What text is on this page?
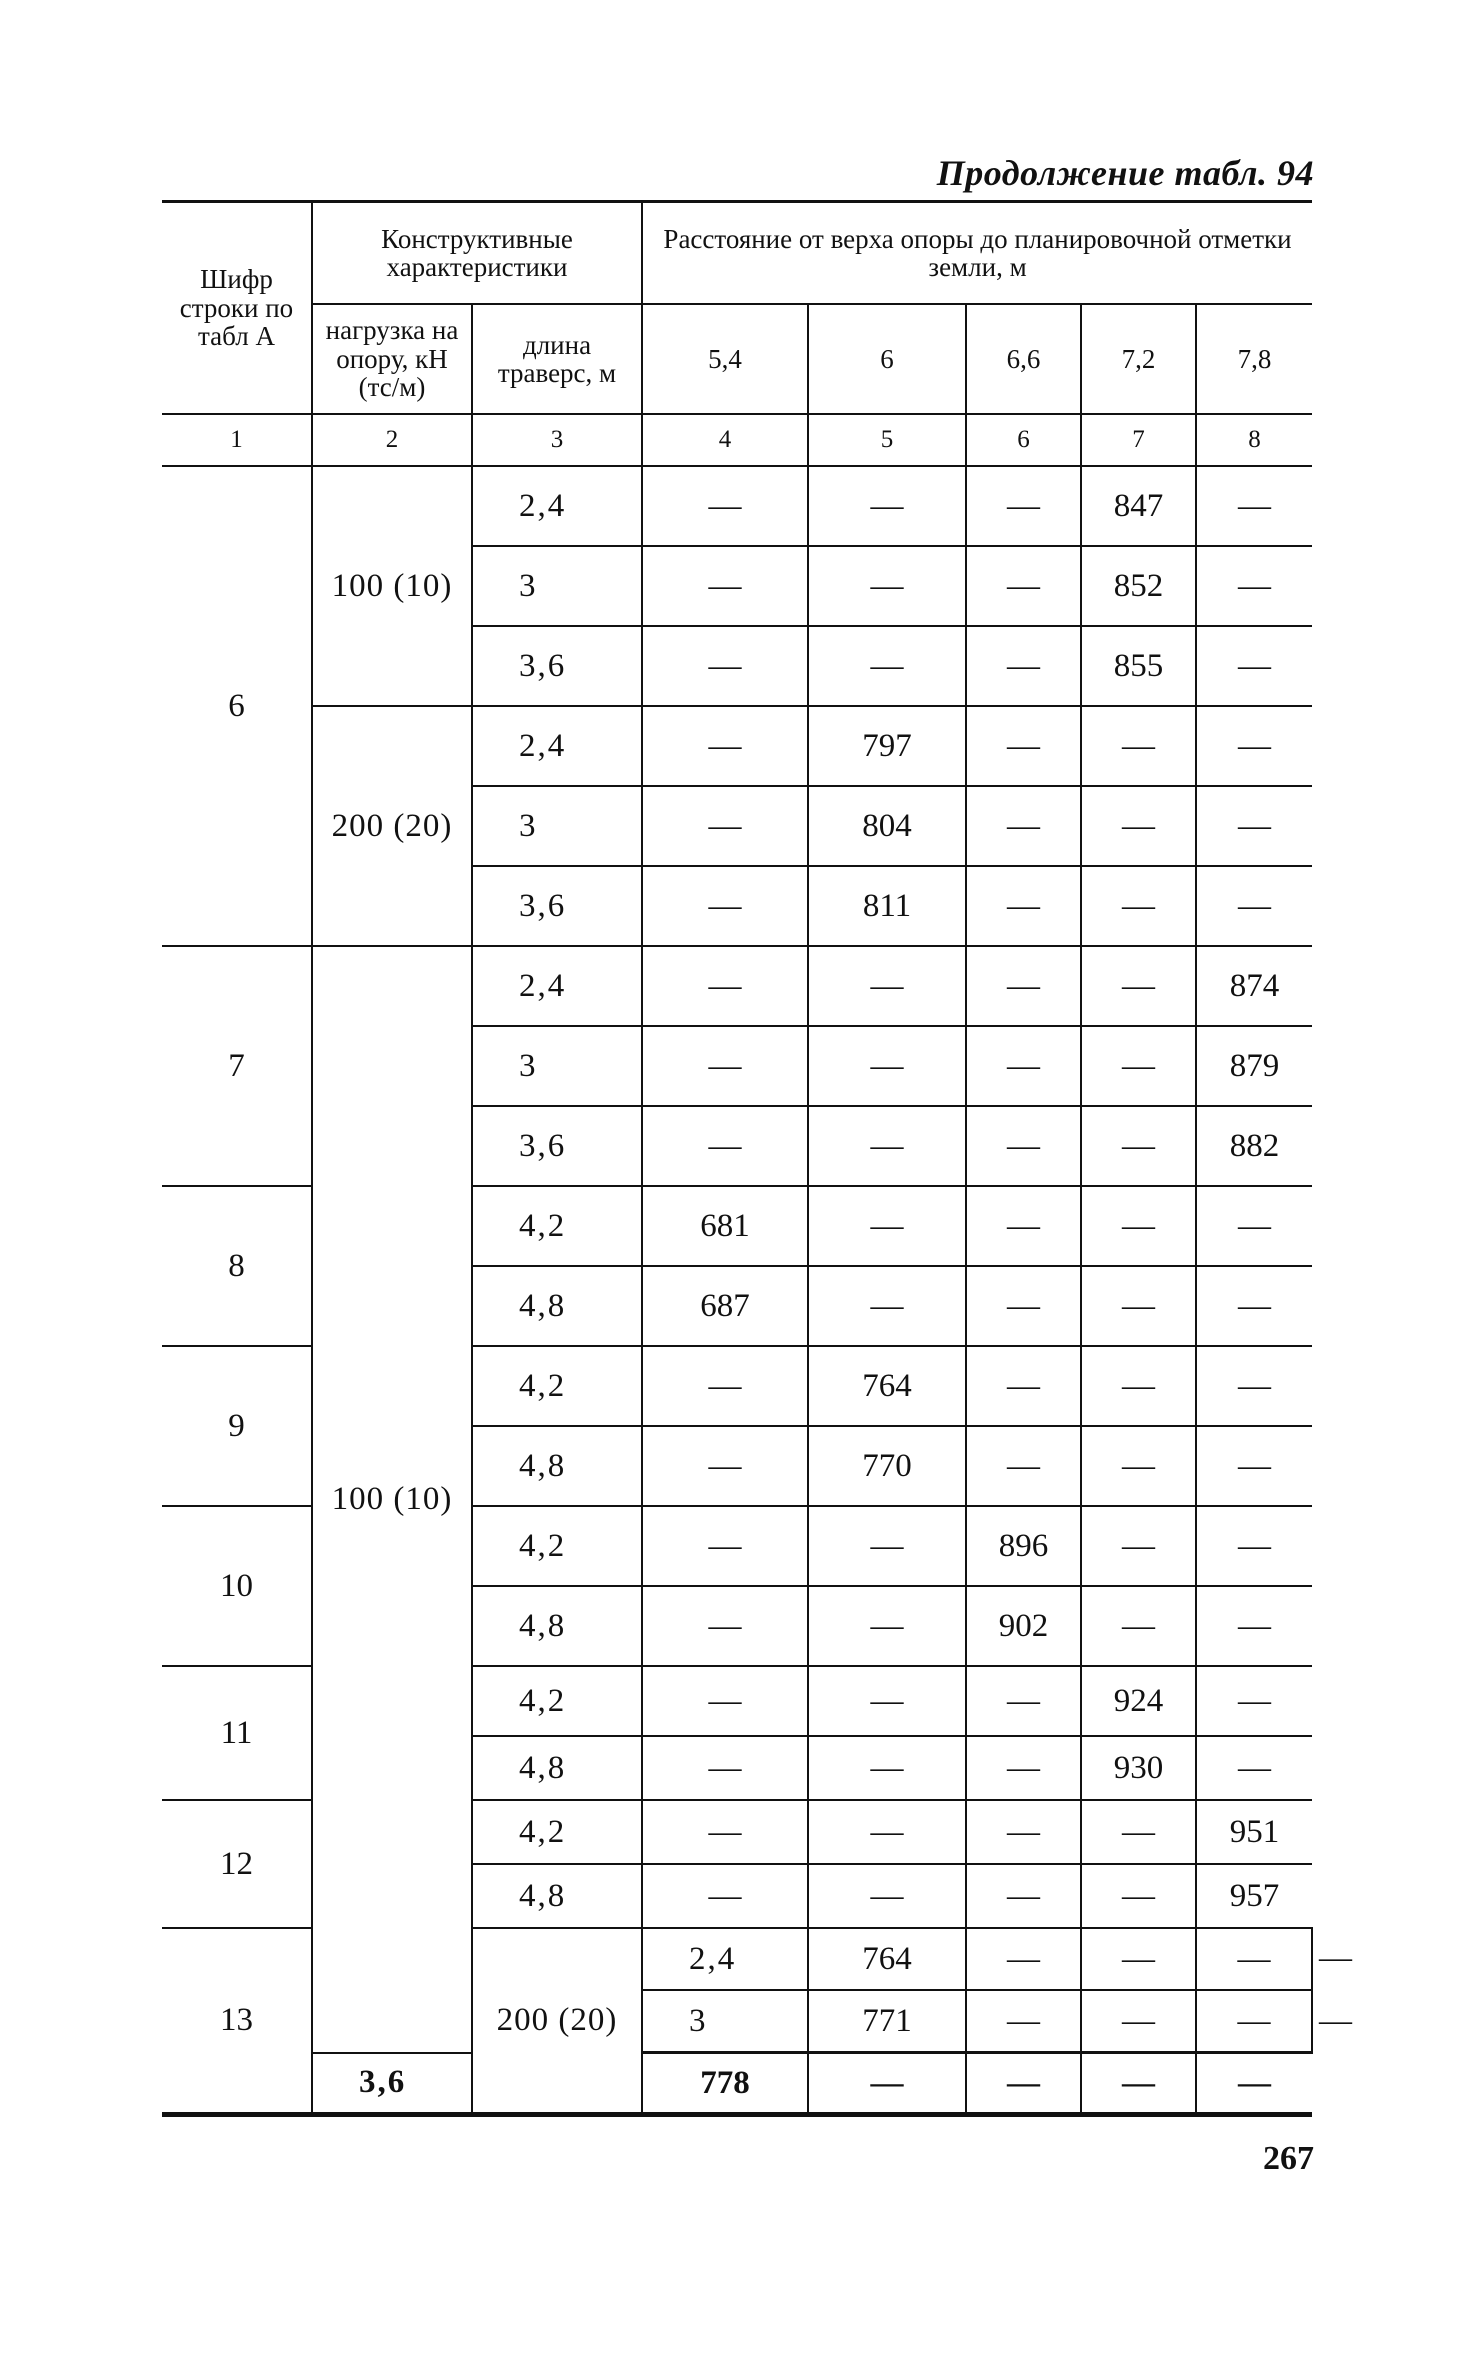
Продолжение табл. 94
Шифр строки по табл А	Конструктивные характеристики		Расстояние от верха опоры до планировочной отметки земли, м					
	нагрузка на опору, кН (тс/м)	длина траверс, м	5,4	6	6,6	7,2	7,8	
1	2	3	4	5	6	7	8	
6	100 (10)	2,4	—	—	—	847	—	
		3	—	—	—	852	—	
		3,6	—	—	—	855	—	
	200 (20)	2,4	—	797	—	—	—	
		3	—	804	—	—	—	
		3,6	—	811	—	—	—	
7	100 (10)	2,4	—	—	—	—	874	
		3	—	—	—	—	879	
		3,6	—	—	—	—	882	
8		4,2	681	—	—	—	—	
		4,8	687	—	—	—	—	
9		4,2	—	764	—	—	—	
		4,8	—	770	—	—	—	
10		4,2	—	—	896	—	—	
		4,8	—	—	902	—	—	
11		4,2	—	—	—	924	—	
		4,8	—	—	—	930	—	
12		4,2	—	—	—	—	951	
		4,8	—	—	—	—	957	
13		200 (20)	2,4	764	—	—	—	—
			3	771	—	—	—	—
	3,6		778	—	—	—	—	
267
